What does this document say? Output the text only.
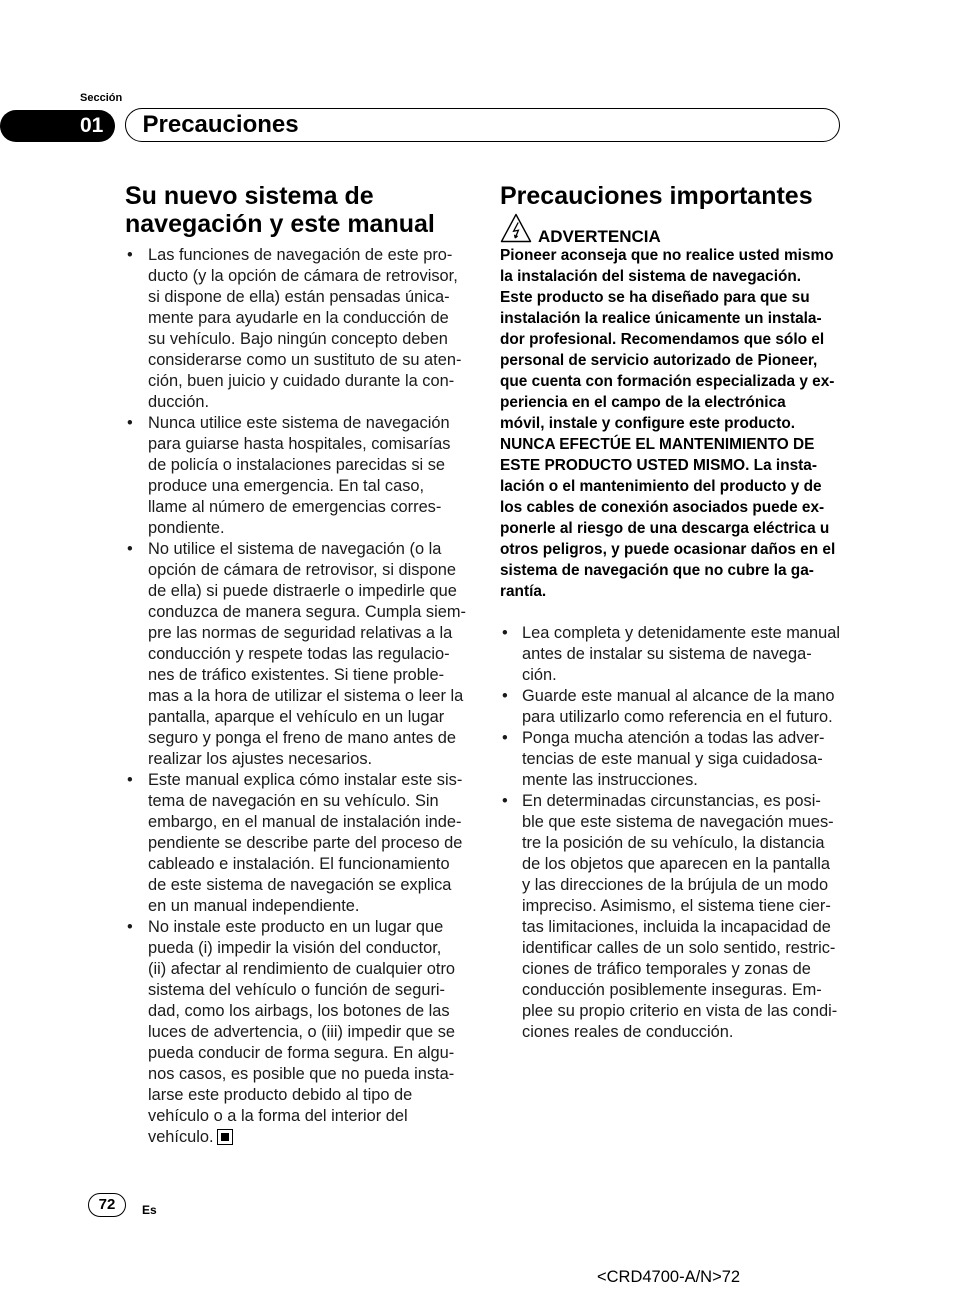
Sección
01 Precauciones
Su nuevo sistema de
navegación y este manual
• Las funciones de navegación de este pro-
ducto (y la opción de cámara de retrovisor,
si dispone de ella) están pensadas única-
mente para ayudarle en la conducción de
su vehículo. Bajo ningún concepto deben
considerarse como un sustituto de su aten-
ción, buen juicio y cuidado durante la con-
ducción.
• Nunca utilice este sistema de navegación
para guiarse hasta hospitales, comisarías
de policía o instalaciones parecidas si se
produce una emergencia. En tal caso,
llame al número de emergencias corres-
pondiente.
• No utilice el sistema de navegación (o la
opción de cámara de retrovisor, si dispone
de ella) si puede distraerle o impedirle que
conduzca de manera segura. Cumpla siem-
pre las normas de seguridad relativas a la
conducción y respete todas las regulacio-
nes de tráfico existentes. Si tiene proble-
mas a la hora de utilizar el sistema o leer la
pantalla, aparque el vehículo en un lugar
seguro y ponga el freno de mano antes de
realizar los ajustes necesarios.
• Este manual explica cómo instalar este sis-
tema de navegación en su vehículo. Sin
embargo, en el manual de instalación inde-
pendiente se describe parte del proceso de
cableado e instalación. El funcionamiento
de este sistema de navegación se explica
en un manual independiente.
• No instale este producto en un lugar que
pueda (i) impedir la visión del conductor,
(ii) afectar al rendimiento de cualquier otro
sistema del vehículo o función de seguri-
dad, como los airbags, los botones de las
luces de advertencia, o (iii) impedir que se
pueda conducir de forma segura. En algu-
nos casos, es posible que no pueda insta-
larse este producto debido al tipo de
vehículo o a la forma del interior del
vehículo.
Precauciones importantes
ADVERTENCIA
Pioneer aconseja que no realice usted mismo
la instalación del sistema de navegación.
Este producto se ha diseñado para que su
instalación la realice únicamente un instala-
dor profesional. Recomendamos que sólo el
personal de servicio autorizado de Pioneer,
que cuenta con formación especializada y ex-
periencia en el campo de la electrónica
móvil, instale y configure este producto.
NUNCA EFECTÚE EL MANTENIMIENTO DE
ESTE PRODUCTO USTED MISMO. La insta-
lación o el mantenimiento del producto y de
los cables de conexión asociados puede ex-
ponerle al riesgo de una descarga eléctrica u
otros peligros, y puede ocasionar daños en el
sistema de navegación que no cubre la ga-
rantía.
• Lea completa y detenidamente este manual
antes de instalar su sistema de navega-
ción.
• Guarde este manual al alcance de la mano
para utilizarlo como referencia en el futuro.
• Ponga mucha atención a todas las adver-
tencias de este manual y siga cuidadosa-
mente las instrucciones.
• En determinadas circunstancias, es posi-
ble que este sistema de navegación mues-
tre la posición de su vehículo, la distancia
de los objetos que aparecen en la pantalla
y las direcciones de la brújula de un modo
impreciso. Asimismo, el sistema tiene cier-
tas limitaciones, incluida la incapacidad de
identificar calles de un solo sentido, restric-
ciones de tráfico temporales y zonas de
conducción posiblemente inseguras. Em-
plee su propio criterio en vista de las condi-
ciones reales de conducción.
72	Es
<CRD4700-A/N>72
